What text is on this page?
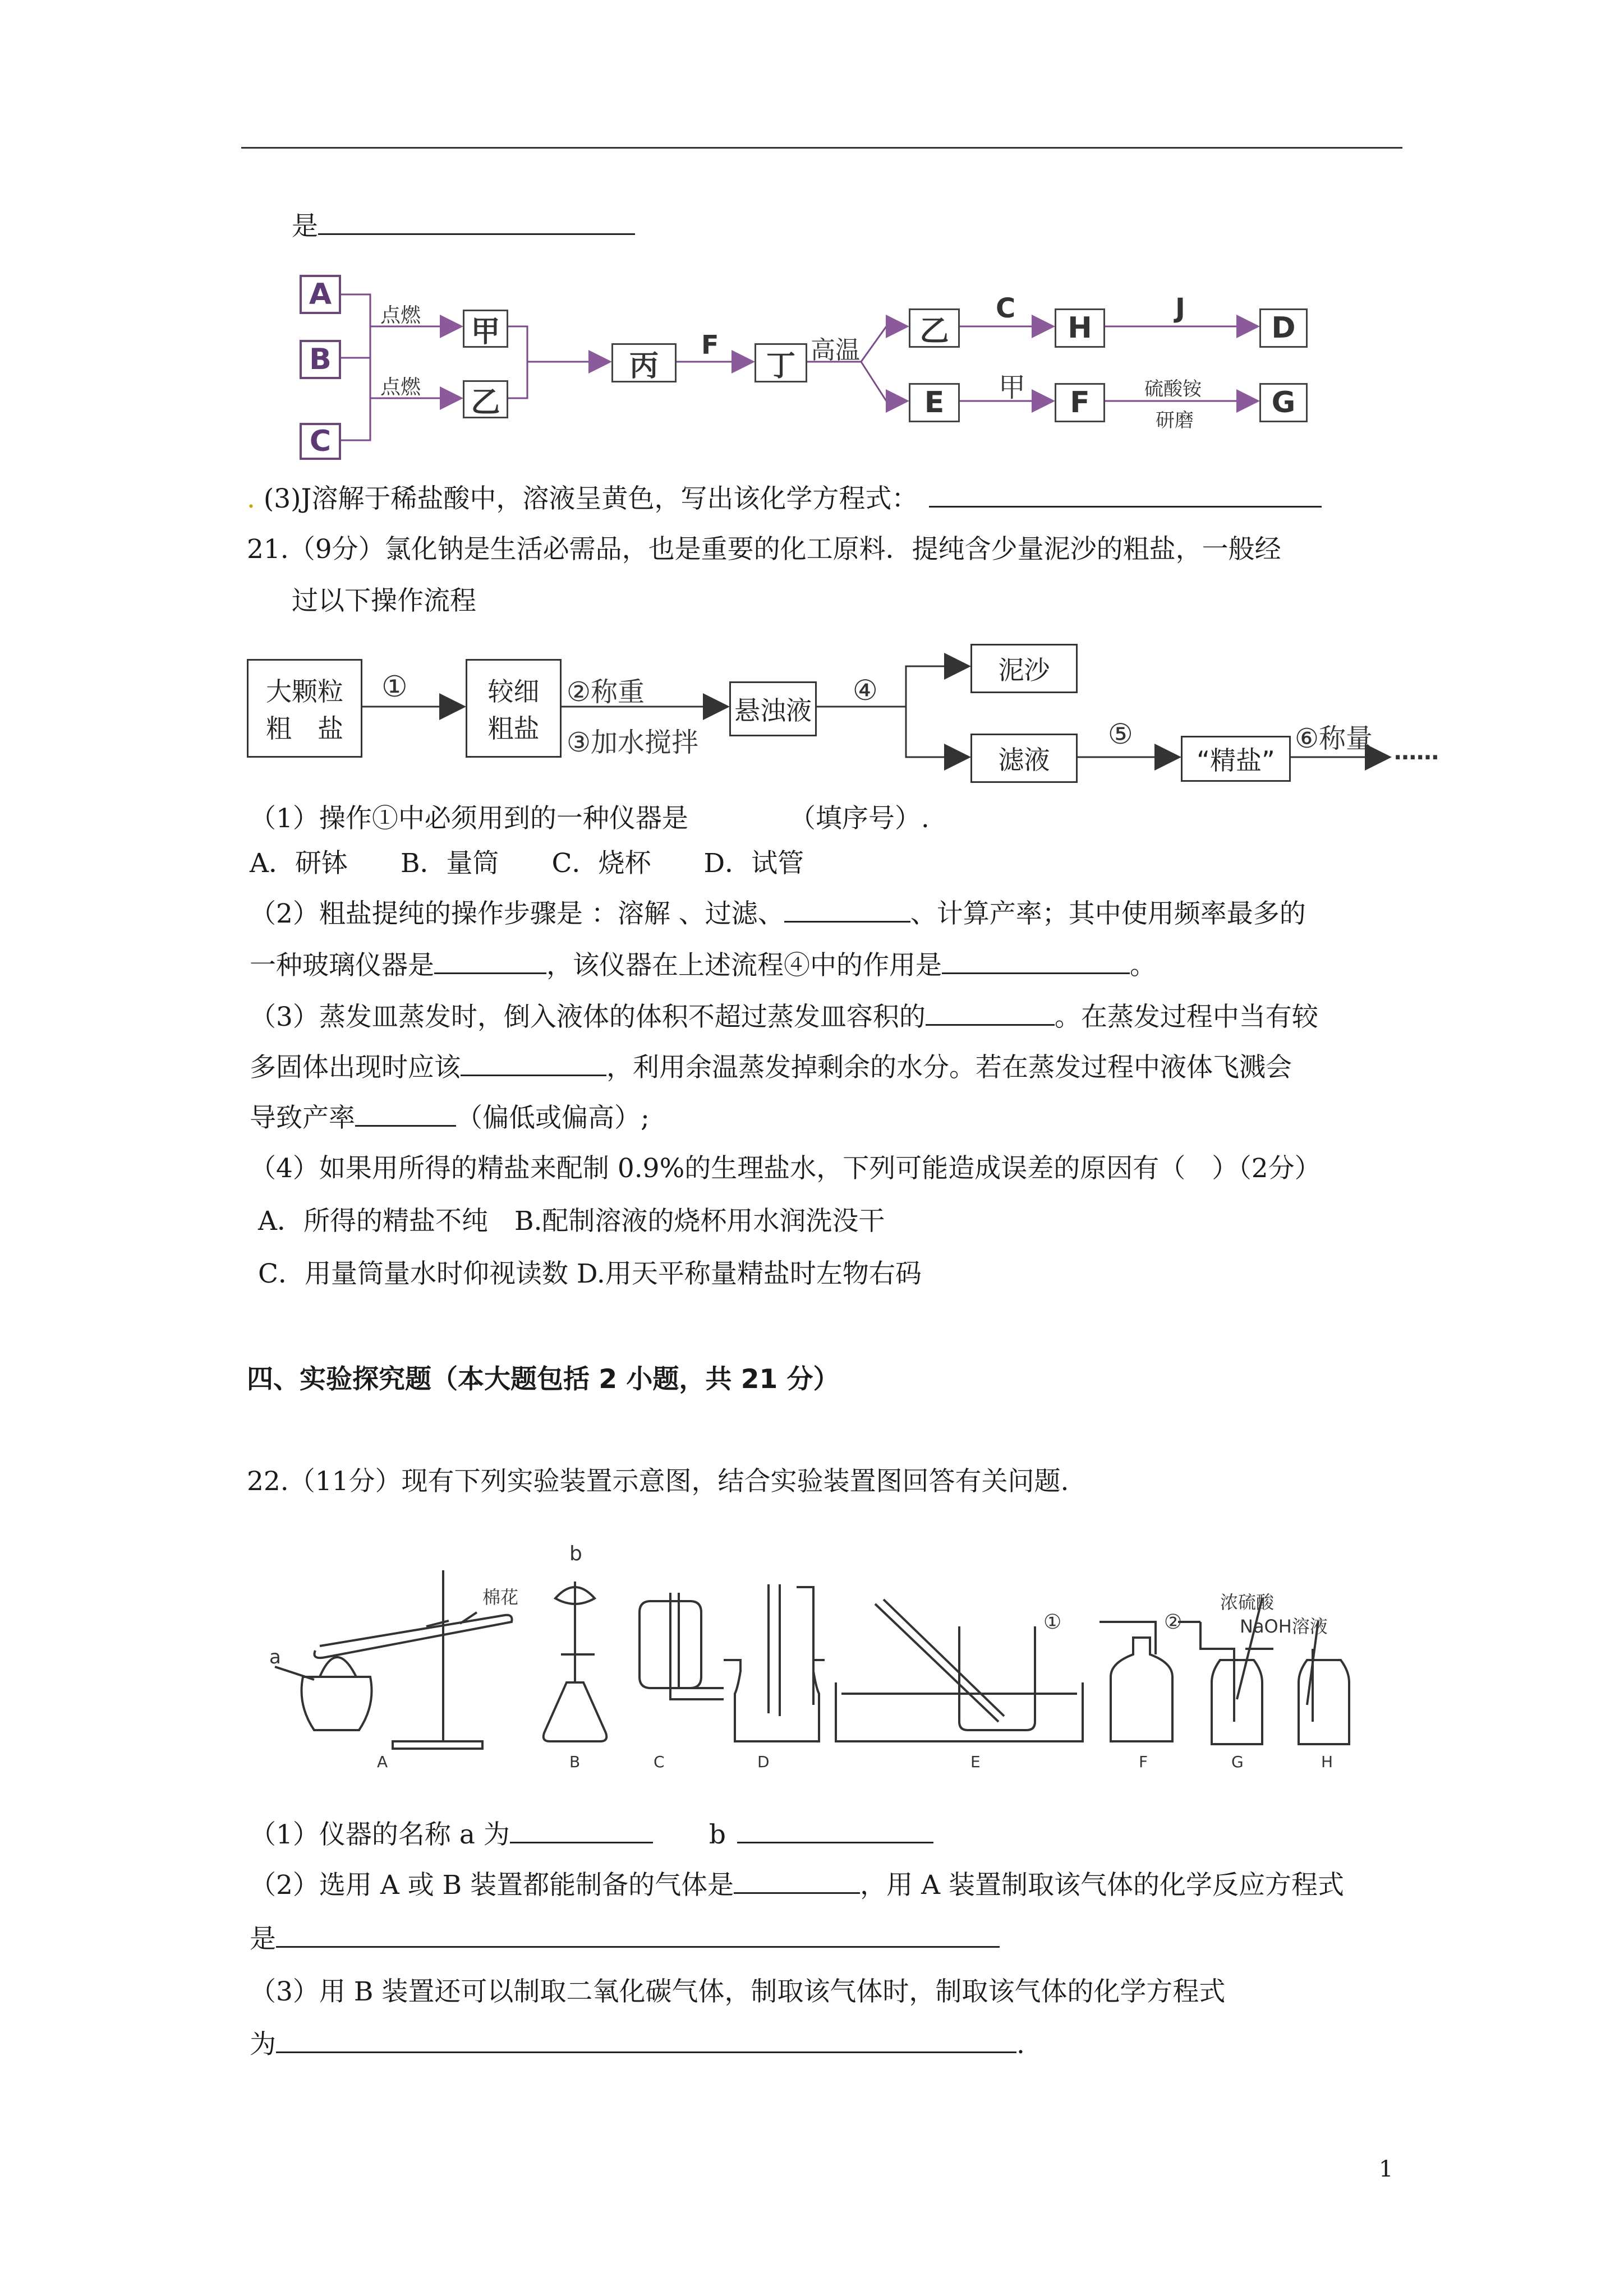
是
A
B
C
点燃
点燃
甲
乙
丙
F
丁 高温
乙
C
H
J
D
E	甲	F	硫酸铵
研磨
G
. (3)J溶解于稀盐酸中，溶液呈黄色，写出该化学方程式：
21.（9分）氯化钠是生活必需品，也是重要的化工原料．提纯含少量泥沙的粗盐，一般经
过以下操作流程
大颗粒
粗　盐
①	较细
粗盐
②称重
③加水搅拌
悬浊液
④
泥沙
滤液
⑤
“精盐”
⑥称量 ……
（1）操作①中必须用到的一种仪器是	（填序号）.
A．研钵　　B．量筒　　C．烧杯　　D．试管
（2）粗盐提纯的操作步骤是 ：溶解 、过滤、	、计算产率；其中使用频率最多的
一种玻璃仪器是	，该仪器在上述流程④中的作用是	。
（3）蒸发皿蒸发时，倒入液体的体积不超过蒸发皿容积的	。在蒸发过程中当有较
多固体出现时应该	，利用余温蒸发掉剩余的水分。若在蒸发过程中液体飞溅会
导致产率	（偏低或偏高）;
（4）如果用所得的精盐来配制 0.9%的生理盐水，下列可能造成误差的原因有（　）（2分）
A．所得的精盐不纯　B.配制溶液的烧杯用水润洗没干
C．用量筒量水时仰视读数 D.用天平称量精盐时左物右码
四、实验探究题（本大题包括 2 小题，共 21 分）
22.（11分）现有下列实验装置示意图，结合实验装置图回答有关问题.
a
b
棉花
①	②
浓硫酸
NaOH溶液
A	B	C	D	E	F	G	H
（1）仪器的名称 a 为	b
（2）选用 A 或 B 装置都能制备的气体是	，用 A 装置制取该气体的化学反应方程式
是
（3）用 B 装置还可以制取二氧化碳气体，制取该气体时，制取该气体的化学方程式
为	.
1
